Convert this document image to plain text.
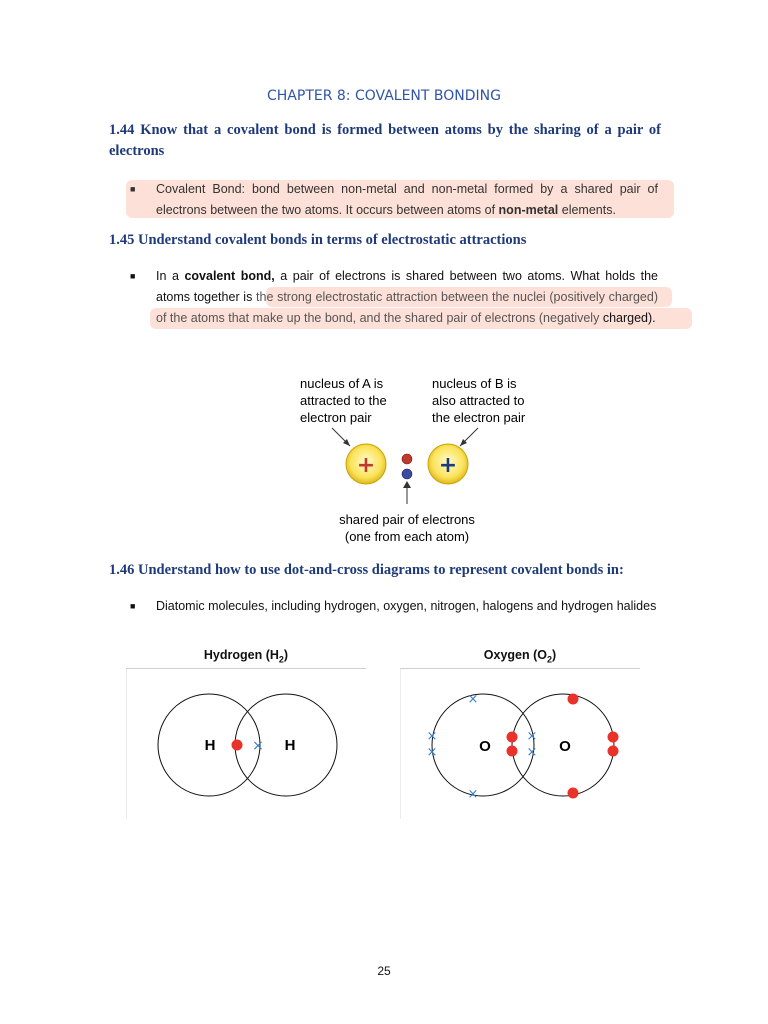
CHAPTER 8: COVALENT BONDING
1.44 Know that a covalent bond is formed between atoms by the sharing of a pair of electrons
■ Covalent Bond: bond between non-metal and non-metal formed by a shared pair of electrons between the two atoms. It occurs between atoms of non-metal elements.
1.45 Understand covalent bonds in terms of electrostatic attractions
■ In a covalent bond, a pair of electrons is shared between two atoms. What holds the atoms together is the strong electrostatic attraction between the nuclei (positively charged) of the atoms that make up the bond, and the shared pair of electrons (negatively charged).
nucleus of A is
attracted to the
electron pair
nucleus of B is
also attracted to
the electron pair
+	+
shared pair of electrons
(one from each atom)
1.46 Understand how to use dot-and-cross diagrams to represent covalent bonds in:
■ Diatomic molecules, including hydrogen, oxygen, nitrogen, halogens and hydrogen halides
Hydrogen $(H_2)$	Oxygen $(O_2)$
H	H
×	O	O
×
×
×
×
×
×
25
